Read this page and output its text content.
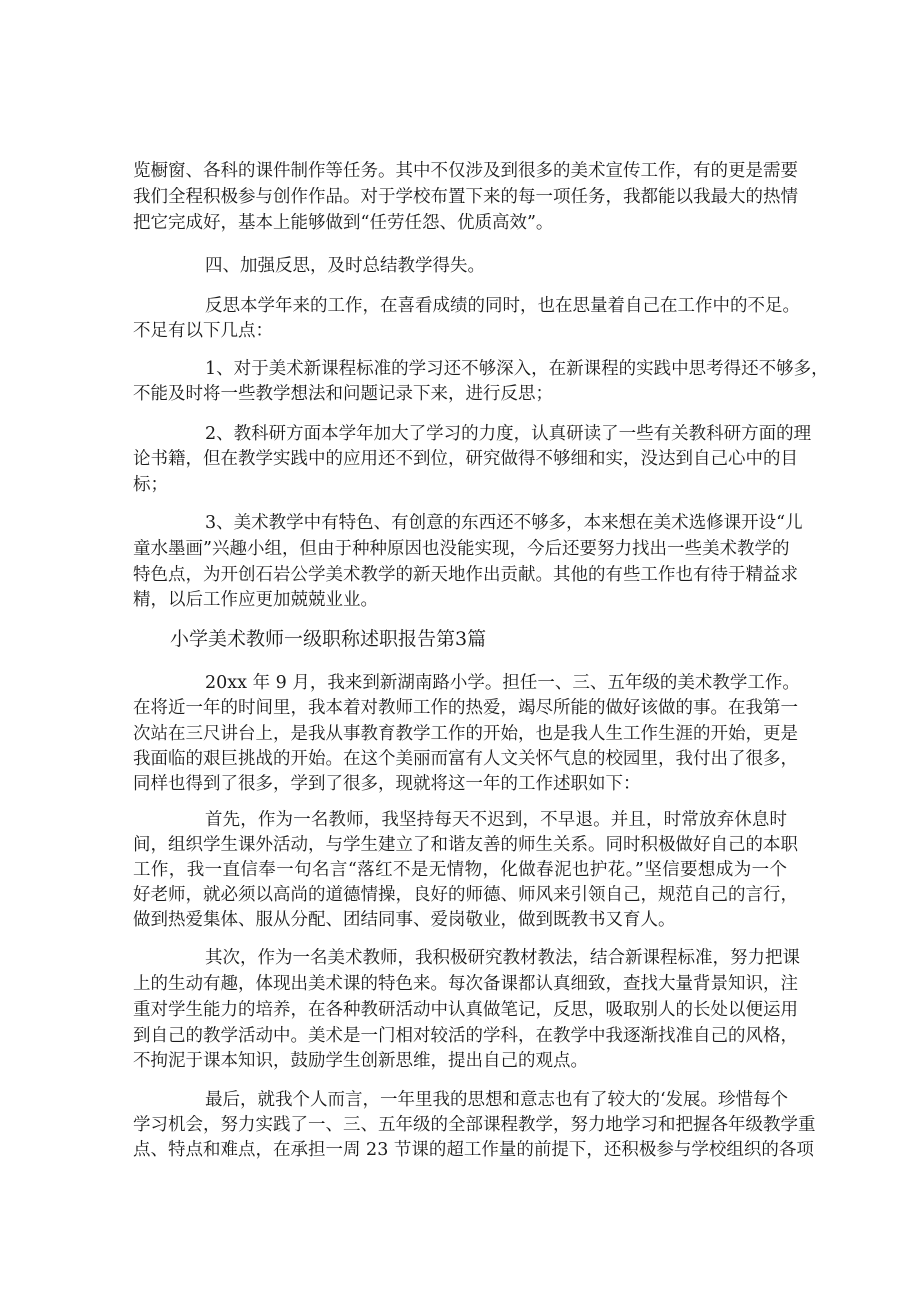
览橱窗、各科的课件制作等任务。其中不仅涉及到很多的美术宣传工作，有的更是需要

我们全程积极参与创作作品。对于学校布置下来的每一项任务，我都能以我最大的热情

把它完成好，基本上能够做到“任劳任怨、优质高效”。

四、加强反思，及时总结教学得失。

反思本学年来的工作，在喜看成绩的同时，也在思量着自己在工作中的不足。

不足有以下几点：

1、对于美术新课程标准的学习还不够深入，在新课程的实践中思考得还不够多，

不能及时将一些教学想法和问题记录下来，进行反思；

2、教科研方面本学年加大了学习的力度，认真研读了一些有关教科研方面的理

论书籍，但在教学实践中的应用还不到位，研究做得不够细和实，没达到自己心中的目

标；

3、美术教学中有特色、有创意的东西还不够多，本来想在美术选修课开设“儿

童水墨画”兴趣小组，但由于种种原因也没能实现，今后还要努力找出一些美术教学的

特色点，为开创石岩公学美术教学的新天地作出贡献。其他的有些工作也有待于精益求

精，以后工作应更加兢兢业业。

小学美术教师一级职称述职报告第3篇

20xx 年 9 月，我来到新湖南路小学。担任一、三、五年级的美术教学工作。

在将近一年的时间里，我本着对教师工作的热爱，竭尽所能的做好该做的事。在我第一

次站在三尺讲台上，是我从事教育教学工作的开始，也是我人生工作生涯的开始，更是

我面临的艰巨挑战的开始。在这个美丽而富有人文关怀气息的校园里，我付出了很多，

同样也得到了很多，学到了很多，现就将这一年的工作述职如下：

首先，作为一名教师，我坚持每天不迟到，不早退。并且，时常放弃休息时

间，组织学生课外活动，与学生建立了和谐友善的师生关系。同时积极做好自己的本职

工作，我一直信奉一句名言“落红不是无情物，化做春泥也护花。”坚信要想成为一个

好老师，就必须以高尚的道德情操，良好的师德、师风来引领自己，规范自己的言行，

做到热爱集体、服从分配、团结同事、爱岗敬业，做到既教书又育人。

其次，作为一名美术教师，我积极研究教材教法，结合新课程标准，努力把课

上的生动有趣，体现出美术课的特色来。每次备课都认真细致，查找大量背景知识，注

重对学生能力的培养，在各种教研活动中认真做笔记，反思，吸取别人的长处以便运用

到自己的教学活动中。美术是一门相对较活的学科，在教学中我逐渐找准自己的风格，

不拘泥于课本知识，鼓励学生创新思维，提出自己的观点。

最后，就我个人而言，一年里我的思想和意志也有了较大的‘发展。珍惜每个

学习机会，努力实践了一、三、五年级的全部课程教学，努力地学习和把握各年级教学重

点、特点和难点，在承担一周 23 节课的超工作量的前提下，还积极参与学校组织的各项
